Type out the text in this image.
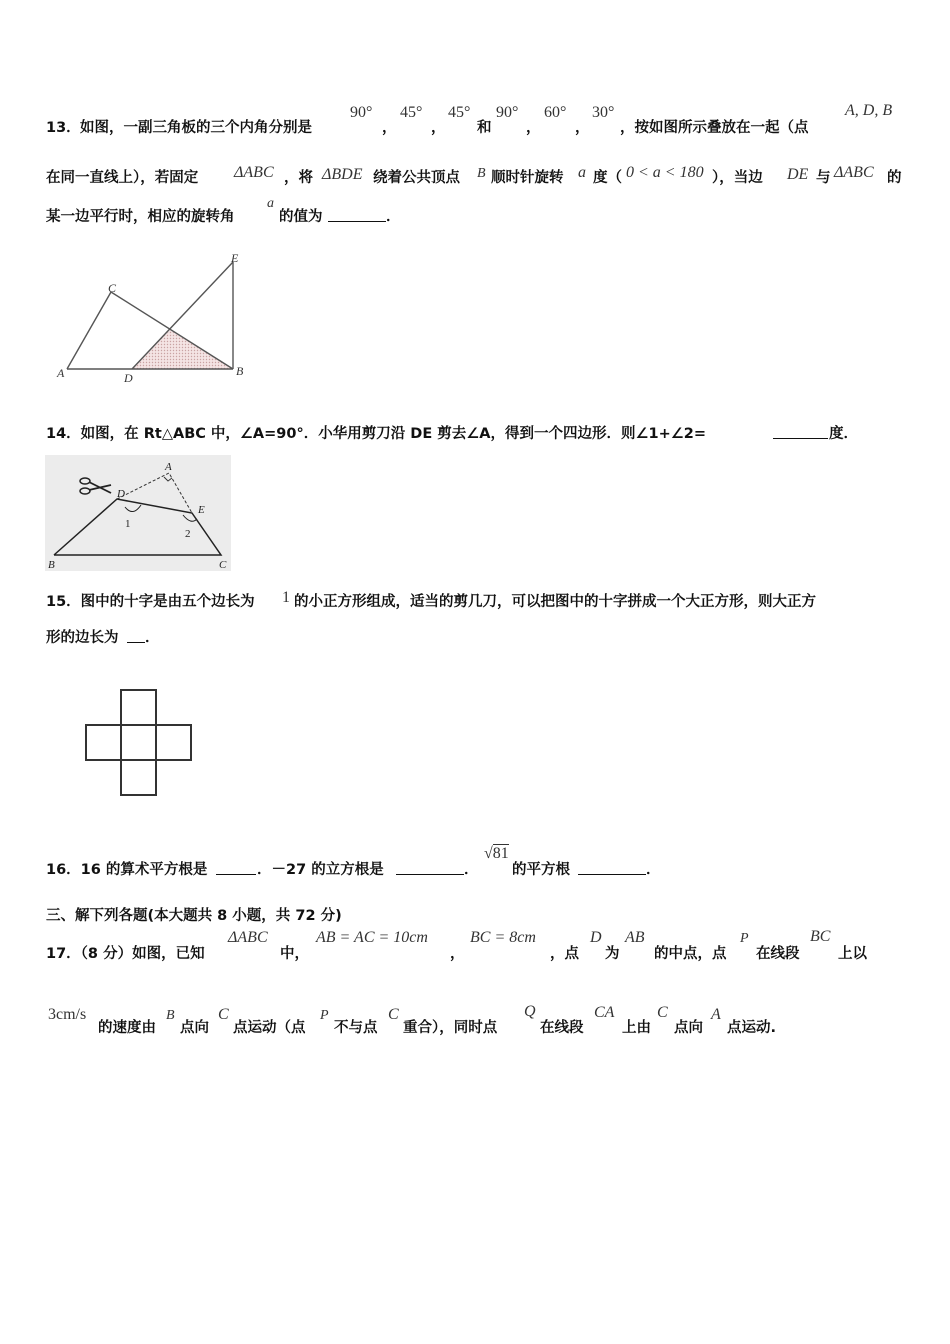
13． 如图，一副三角板的三个内角分别是
90°
，
45°
，
45°
和
90°
，
60°
，
30°
，按如图所示叠放在一起（点
A, D, B
在同一直线上），若固定 ΔABC ，将 ΔBDE 绕着公共顶点 B 顺时针旋转 a 度（ 0 < a < 180 ），当边 DE 与 ΔABC 的
某一边平行时，相应的旋转角
a
的值为	．
A
C
D	B
E
14．如图，在 Rt△ABC 中，∠A=90°．小华用剪刀沿 DE 剪去∠A，得到一个四边形．则∠1+∠2=	度．
A
D
E
B	C
1
2
15．图中的十字是由五个边长为 1 的小正方形组成，适当的剪几刀，可以把图中的十字拼成一个大正方形，则大正方
形的边长为 ．
16．16 的算术平方根是	．－27 的立方根是	．
√81
的平方根	．
三、解下列各题(本大题共 8 小题，共 72 分)
17．（8 分）如图，已知
ΔABC
中，
AB = AC = 10cm
，
BC = 8cm
，点
D
为
AB
的中点，点
P
在线段
BC
上以
3cm/s
的速度由
B
点向
C
点运动（点
P
不与点
C
重合），同时点
Q
在线段
CA
上由
C
点向
A
点运动.
